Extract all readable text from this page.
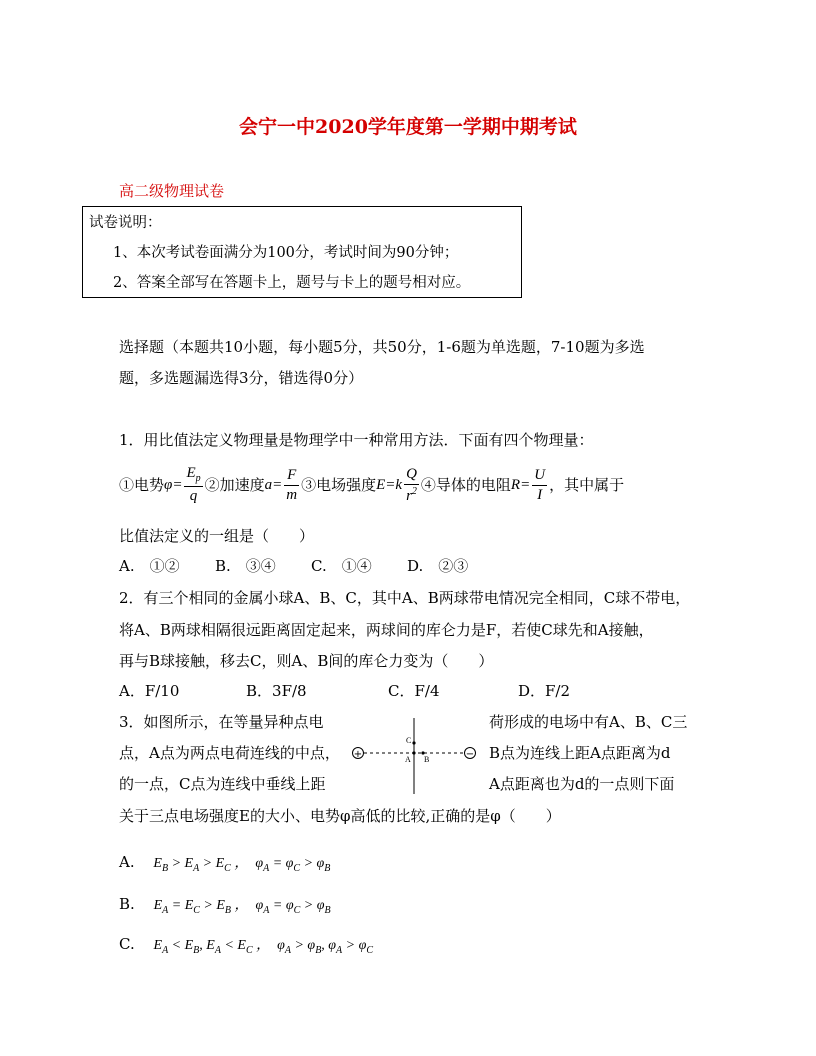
会宁一中2020学年度第一学期中期考试
高二级物理试卷
试卷说明：
1、本次考试卷面满分为100分，考试时间为90分钟；
2、答案全部写在答题卡上，题号与卡上的题号相对应。
选择题（本题共10小题，每小题5分，共50分，1-6题为单选题，7-10题为多选
题，多选题漏选得3分，错选得0分）
1．用比值法定义物理量是物理学中一种常用方法．下面有四个物理量：
①电势 $\varphi= \frac{E_p}{q}$ ②加速度 $a= \frac{F}{m}$ ③电场强度 $E=k \frac{Q}{r^2}$ ④导体的电阻 $R= \frac{U}{I}$ ，其中属于
比值法定义的一组是（　　）
A.　①② B.　③④ C.　①④ D.　②③
2．有三个相同的金属小球A、B、C，其中A、B两球带电情况完全相同，C球不带电，
将A、B两球相隔很远距离固定起来，两球间的库仑力是F，若使C球先和A接触，
再与B球接触，移去C，则A、B间的库仑力变为（　　）
A．F/10	B．3F/8	C．F/4	D．F/2
3．如图所示，在等量异种点电	荷形成的电场中有A、B、C三
点，A点为两点电荷连线的中点，	B点为连线上距A点距离为d
的一点，C点为连线中垂线上距	A点距离也为d的一点则下面
+	−
C
A B
关于三点电场强度E的大小、电势φ高低的比较,正确的是φ（　　）
A. $E_B > E_A > E_C$ ，  $\varphi_A = \varphi_C > \varphi_B$
B. $E_A = E_C > E_B$ ，  $\varphi_A = \varphi_C > \varphi_B$
C. $E_A < E_B$, $E_A < E_C$ ，  $\varphi_A > \varphi_B$, $\varphi_A > \varphi_C$
